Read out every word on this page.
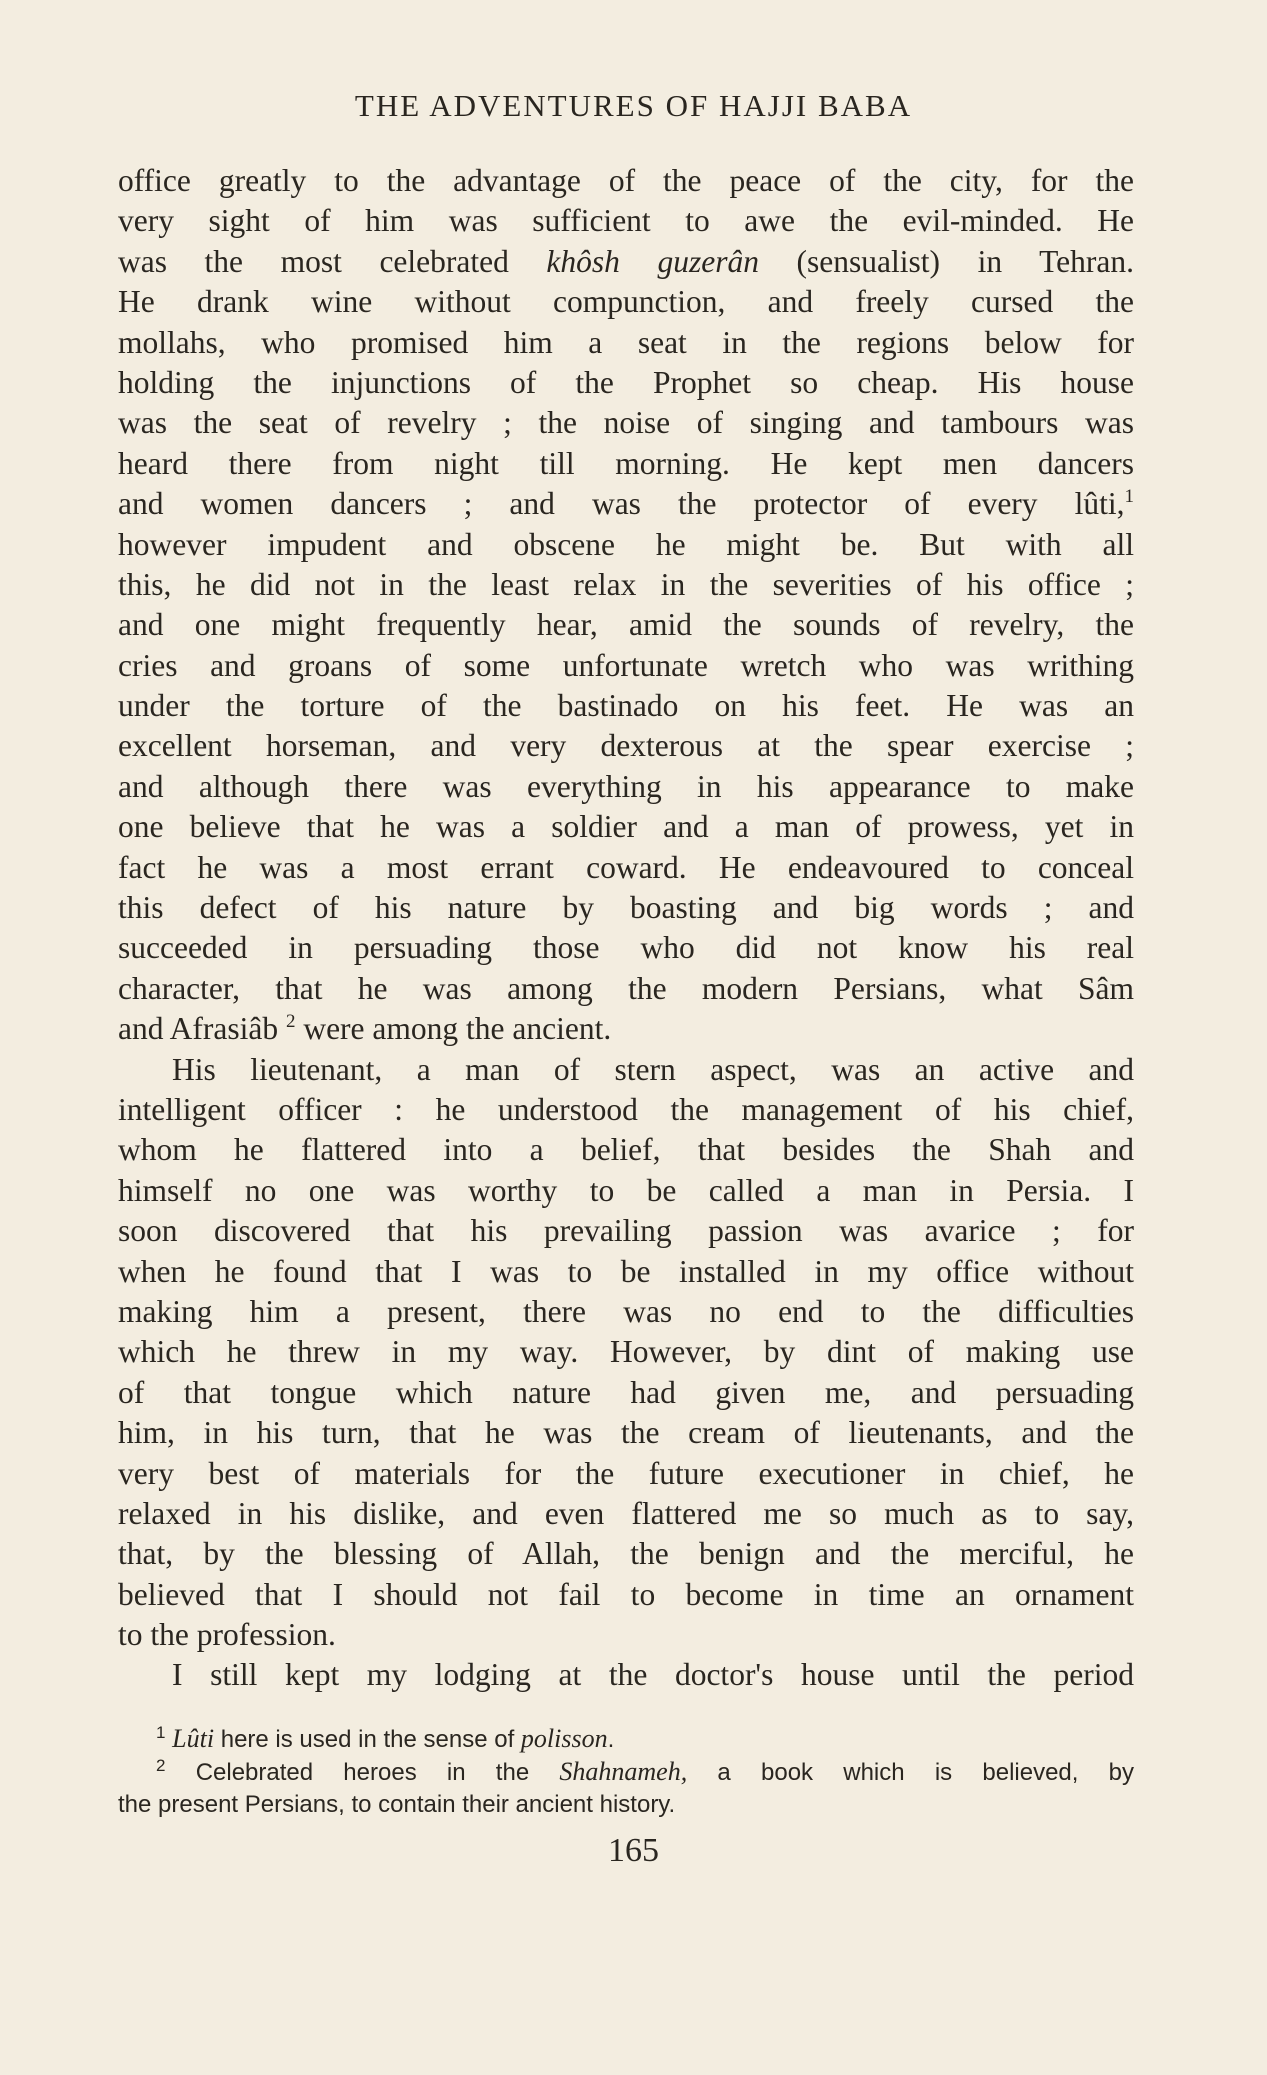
THE ADVENTURES OF HAJJI BABA
office greatly to the advantage of the peace of the city, for the
very sight of him was sufficient to awe the evil-minded. He
was the most celebrated khôsh guzerân (sensualist) in Tehran.
He drank wine without compunction, and freely cursed the
mollahs, who promised him a seat in the regions below for
holding the injunctions of the Prophet so cheap. His house
was the seat of revelry ; the noise of singing and tambours was
heard there from night till morning. He kept men dancers
and women dancers ; and was the protector of every lûti,$^1$
however impudent and obscene he might be. But with all
this, he did not in the least relax in the severities of his office ;
and one might frequently hear, amid the sounds of revelry, the
cries and groans of some unfortunate wretch who was writhing
under the torture of the bastinado on his feet. He was an
excellent horseman, and very dexterous at the spear exercise ;
and although there was everything in his appearance to make
one believe that he was a soldier and a man of prowess, yet in
fact he was a most errant coward. He endeavoured to conceal
this defect of his nature by boasting and big words ; and
succeeded in persuading those who did not know his real
character, that he was among the modern Persians, what Sâm
and Afrasiâb $^2$ were among the ancient.
His lieutenant, a man of stern aspect, was an active and
intelligent officer : he understood the management of his chief,
whom he flattered into a belief, that besides the Shah and
himself no one was worthy to be called a man in Persia. I
soon discovered that his prevailing passion was avarice ; for
when he found that I was to be installed in my office without
making him a present, there was no end to the difficulties
which he threw in my way. However, by dint of making use
of that tongue which nature had given me, and persuading
him, in his turn, that he was the cream of lieutenants, and the
very best of materials for the future executioner in chief, he
relaxed in his dislike, and even flattered me so much as to say,
that, by the blessing of Allah, the benign and the merciful, he
believed that I should not fail to become in time an ornament
to the profession.
I still kept my lodging at the doctor's house until the period
$^1$ Lûti here is used in the sense of polisson.
$^2$ Celebrated heroes in the Shahnameh, a book which is believed, by
the present Persians, to contain their ancient history.
165
